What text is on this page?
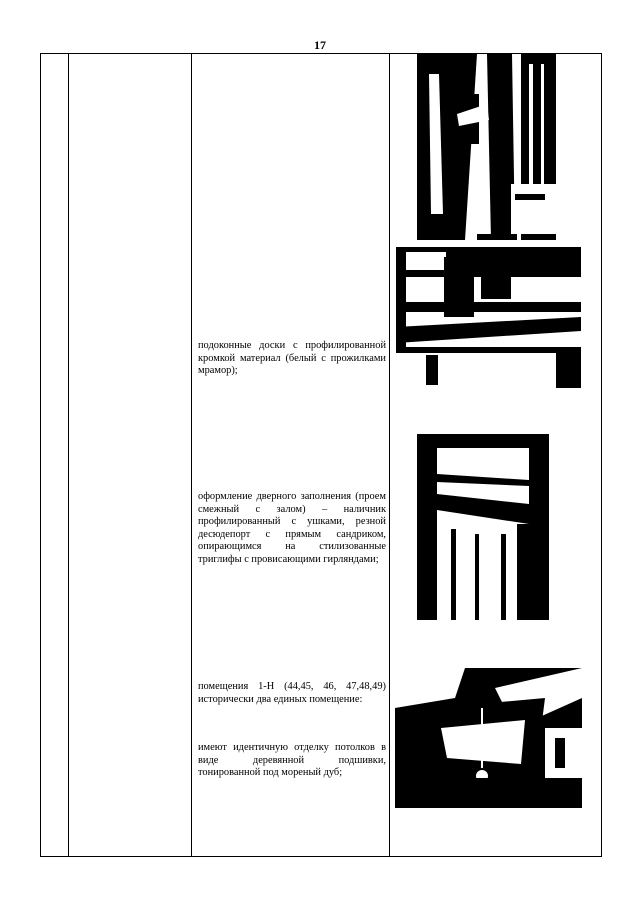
17
подоконные доски с профилированной кромкой материал (белый с прожилками мрамор);
оформление дверного заполнения (проем смежный с залом) – наличник профилированный с ушками, резной десюдепорт с прямым сандриком, опирающимся на стилизованные триглифы с провисающими гирляндами;
помещения 1-Н (44,45, 46, 47,48,49) исторически два единых помещение:
имеют идентичную отделку потолков в виде деревянной подшивки, тонированной под мореный дуб;
